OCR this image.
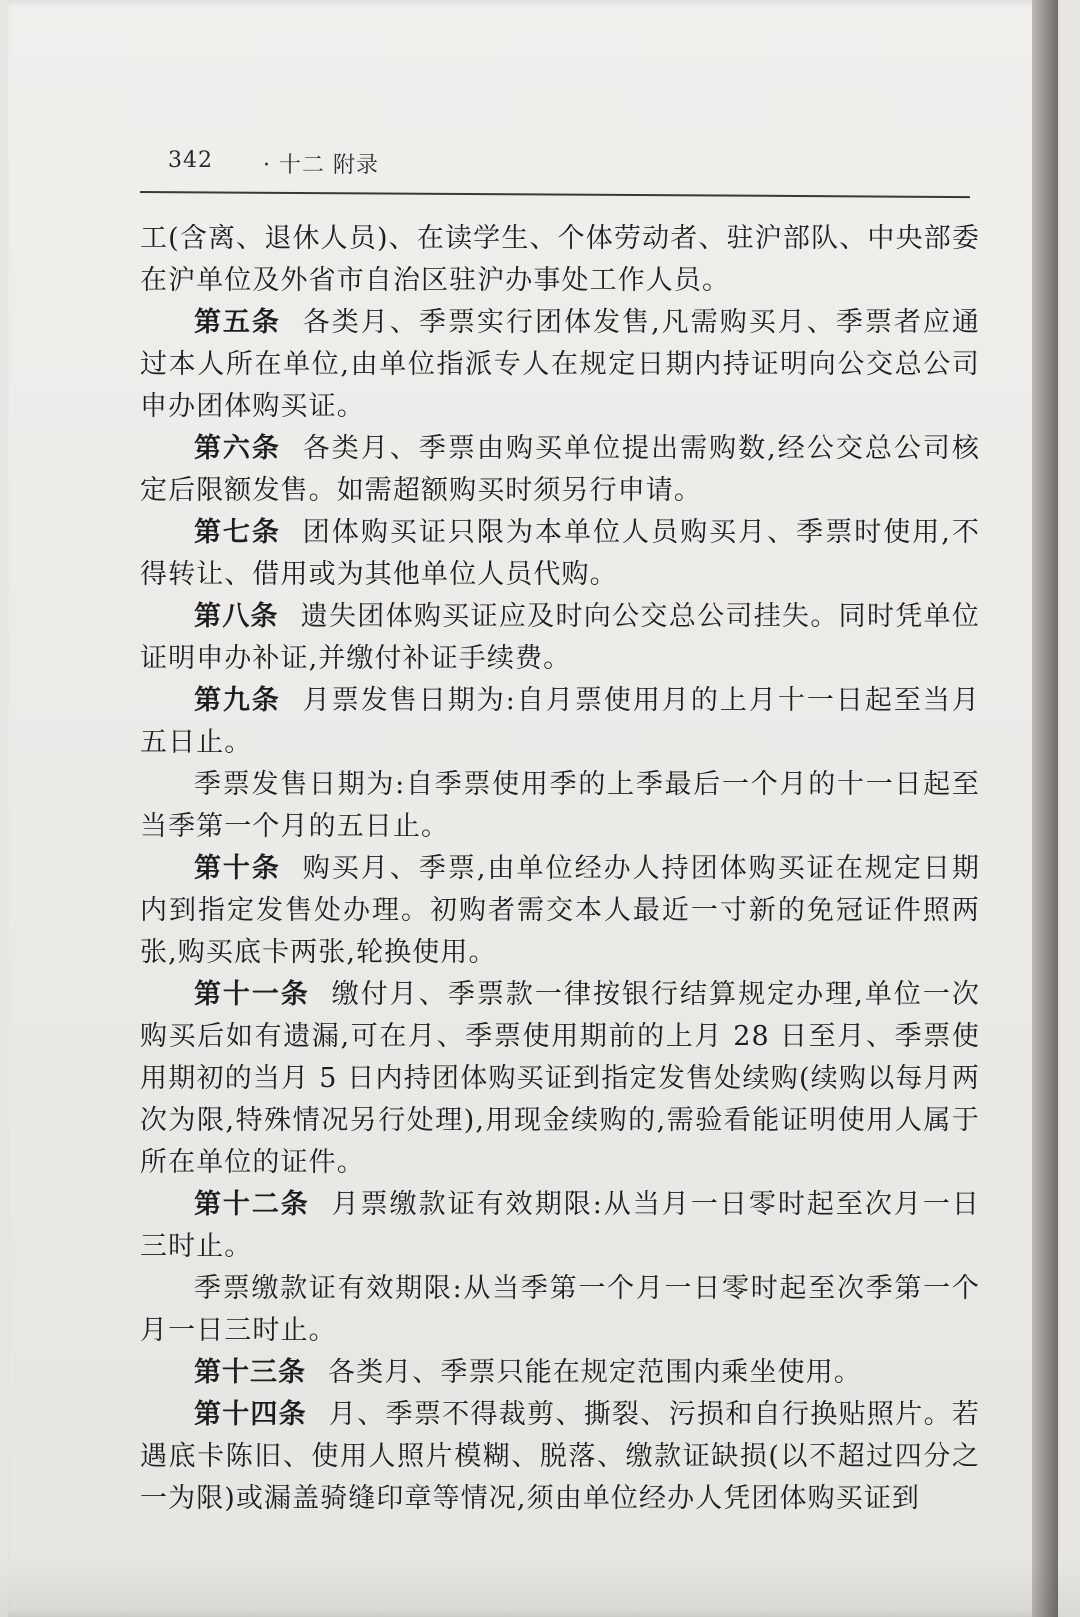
342 · 十二 附录

工(含离、退休人员)、在读学生、个体劳动者、驻沪部队、中央部委在沪单位及外省市自治区驻沪办事处工作人员。

第五条 各类月、季票实行团体发售,凡需购买月、季票者应通过本人所在单位,由单位指派专人在规定日期内持证明向公交总公司申办团体购买证。

第六条 各类月、季票由购买单位提出需购数,经公交总公司核定后限额发售。如需超额购买时须另行申请。

第七条 团体购买证只限为本单位人员购买月、季票时使用,不得转让、借用或为其他单位人员代购。

第八条 遗失团体购买证应及时向公交总公司挂失。同时凭单位证明申办补证,并缴付补证手续费。

第九条 月票发售日期为:自月票使用月的上月十一日起至当月五日止。

季票发售日期为:自季票使用季的上季最后一个月的十一日起至当季第一个月的五日止。

第十条 购买月、季票,由单位经办人持团体购买证在规定日期内到指定发售处办理。初购者需交本人最近一寸新的免冠证件照两张,购买底卡两张,轮换使用。

第十一条 缴付月、季票款一律按银行结算规定办理,单位一次购买后如有遗漏,可在月、季票使用期前的上月 28 日至月、季票使用期初的当月 5 日内持团体购买证到指定发售处续购(续购以每月两次为限,特殊情况另行处理),用现金续购的,需验看能证明使用人属于所在单位的证件。

第十二条 月票缴款证有效期限:从当月一日零时起至次月一日三时止。

季票缴款证有效期限:从当季第一个月一日零时起至次季第一个月一日三时止。

第十三条 各类月、季票只能在规定范围内乘坐使用。

第十四条 月、季票不得裁剪、撕裂、污损和自行换贴照片。若遇底卡陈旧、使用人照片模糊、脱落、缴款证缺损(以不超过四分之一为限)或漏盖骑缝印章等情况,须由单位经办人凭团体购买证到
